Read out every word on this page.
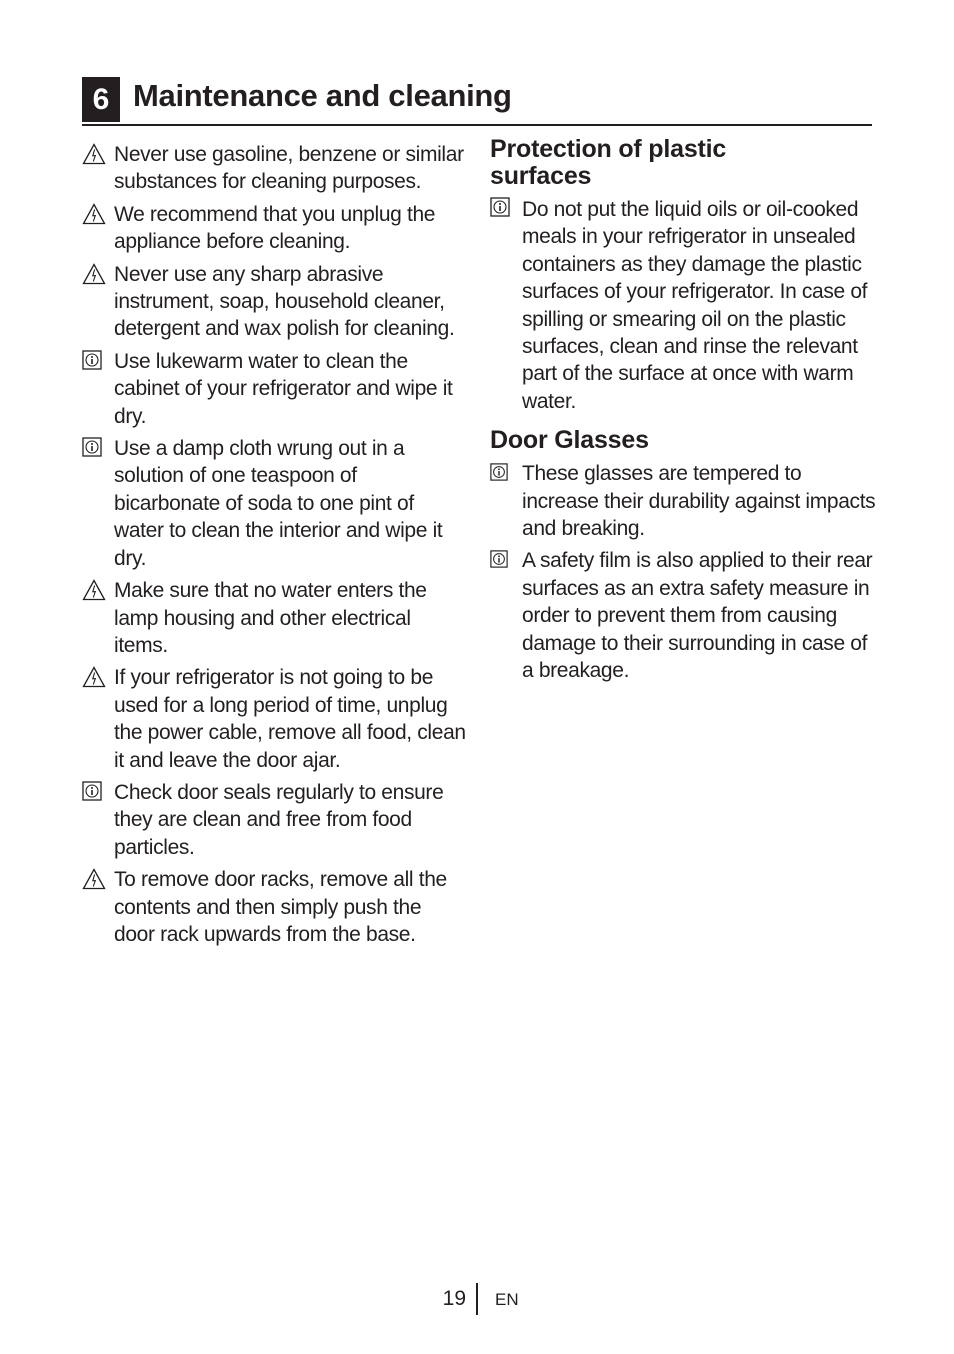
6 Maintenance and cleaning
Never use gasoline, benzene or similar substances for cleaning purposes.
We recommend that you unplug the appliance before cleaning.
Never use any sharp abrasive instrument, soap, household cleaner, detergent and wax polish for cleaning.
Use lukewarm water to clean the cabinet of your refrigerator and wipe it dry.
Use a damp cloth wrung out in a solution of one teaspoon of bicarbonate of soda to one pint of water to clean the interior and wipe it dry.
Make sure that no water enters the lamp housing and other electrical items.
If your refrigerator is not going to be used for a long period of time, unplug the power cable, remove all food, clean it and leave the door ajar.
Check door seals regularly to ensure they are clean and free from food particles.
To remove door racks, remove all the contents and then simply push the door rack upwards from the base.
Protection of plastic
surfaces
Do not put the liquid oils or oil-cooked meals in your refrigerator in unsealed containers as they damage the plastic surfaces of your refrigerator. In case of spilling or smearing oil on the plastic surfaces, clean and rinse the relevant part of the surface at once with warm water.
Door Glasses
These glasses are tempered to increase their durability against impacts and breaking.
A safety film is also applied to their rear surfaces as an extra safety measure in order to prevent them from causing damage to their surrounding in case of a breakage.
19 EN
